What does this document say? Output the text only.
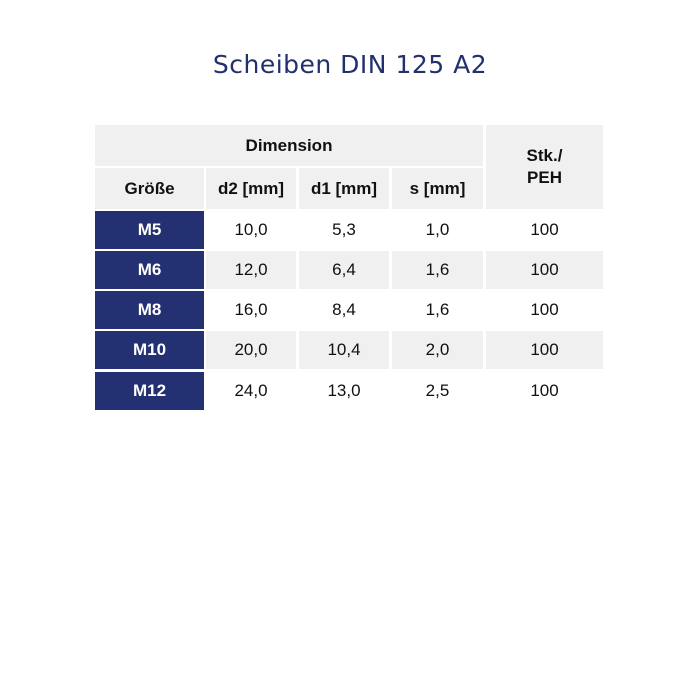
Scheiben DIN 125 A2
Dimension
Stk./
PEH
Größe	d2 [mm]	d1 [mm]	s [mm]
M5	10,0	5,3	1,0	100
M6	12,0	6,4	1,6	100
M8	16,0	8,4	1,6	100
M10	20,0	10,4	2,0	100
M12	24,0	13,0	2,5	100
